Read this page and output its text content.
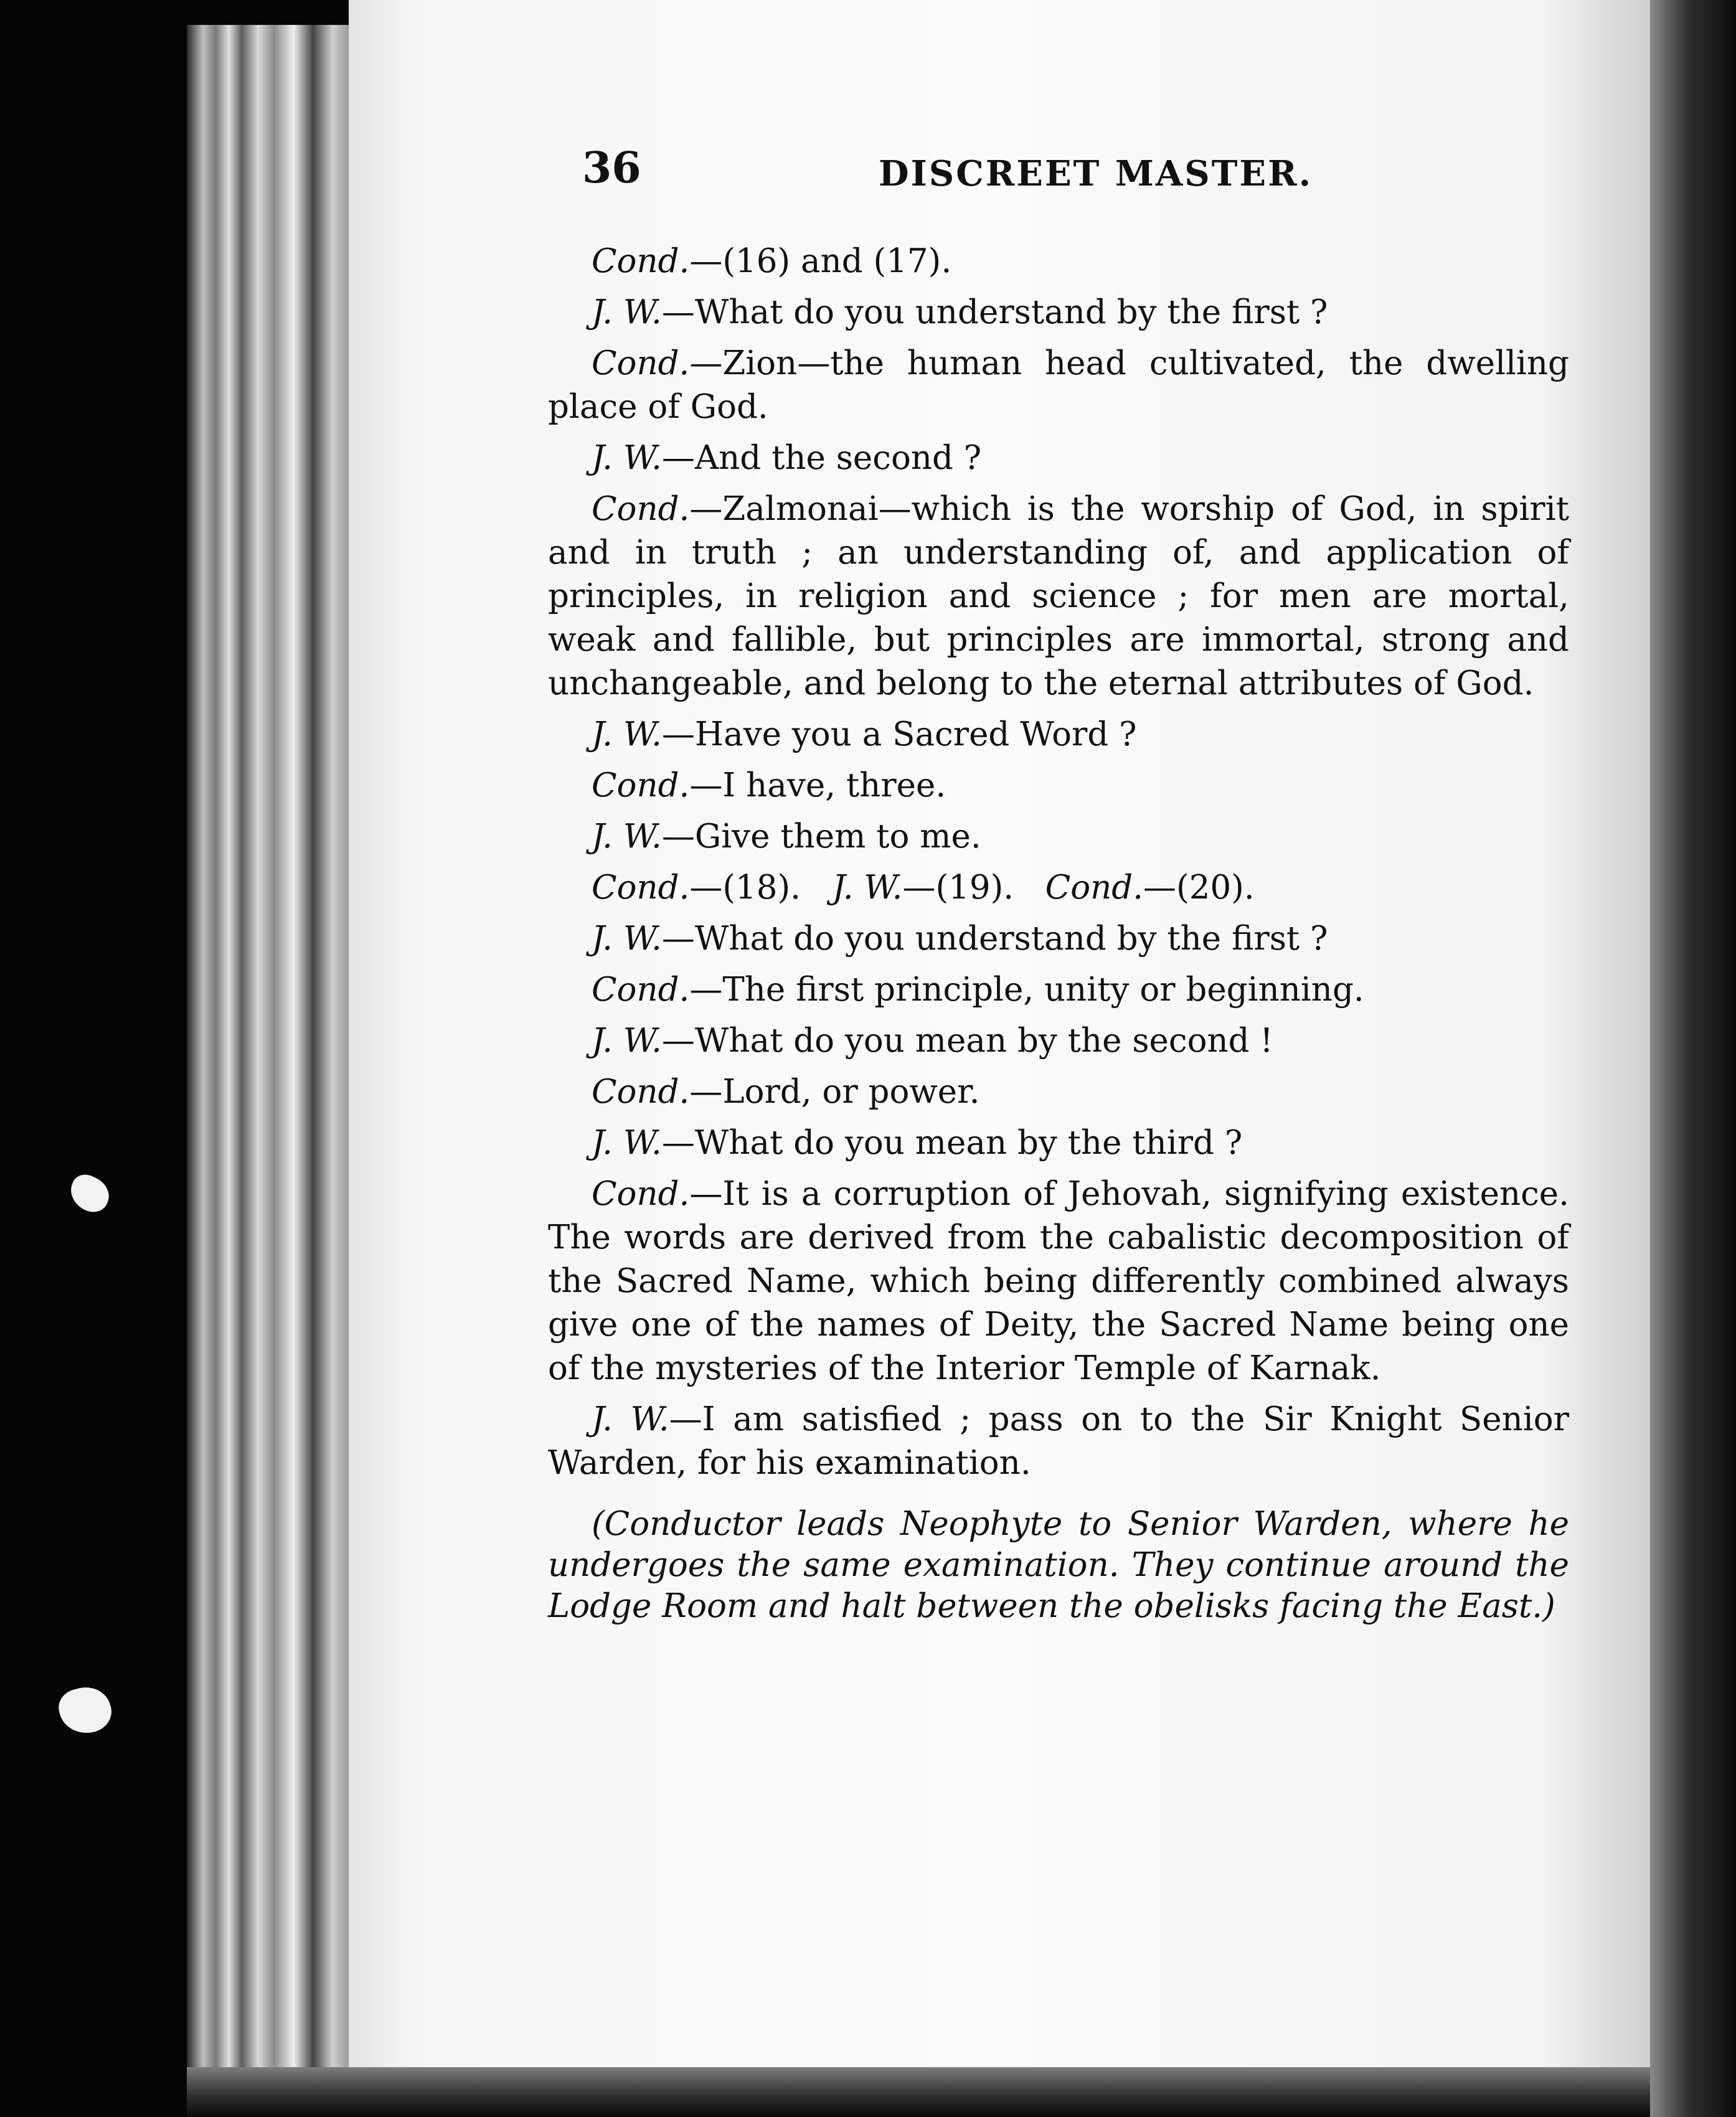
36	DISCREET MASTER.

Cond.—(16) and (17).

J. W.—What do you understand by the first ?

Cond.—Zion—the human head cultivated, the dwelling place of God.

J. W.—And the second ?

Cond.—Zalmonai—which is the worship of God, in spirit and in truth ; an understanding of, and application of principles, in religion and science ; for men are mortal, weak and fallible, but principles are immortal, strong and unchangeable, and belong to the eternal attributes of God.

J. W.—Have you a Sacred Word ?

Cond.—I have, three.

J. W.—Give them to me.

Cond.—(18). J. W.—(19). Cond.—(20).

J. W.—What do you understand by the first ?

Cond.—The first principle, unity or beginning.

J. W.—What do you mean by the second !

Cond.—Lord, or power.

J. W.—What do you mean by the third ?

Cond.—It is a corruption of Jehovah, signifying existence. The words are derived from the cabalistic decomposition of the Sacred Name, which being differently combined always give one of the names of Deity, the Sacred Name being one of the mysteries of the Interior Temple of Karnak.

J. W.—I am satisfied ; pass on to the Sir Knight Senior Warden, for his examination.

(Conductor leads Neophyte to Senior Warden, where he undergoes the same examination. They continue around the Lodge Room and halt between the obelisks facing the East.)
